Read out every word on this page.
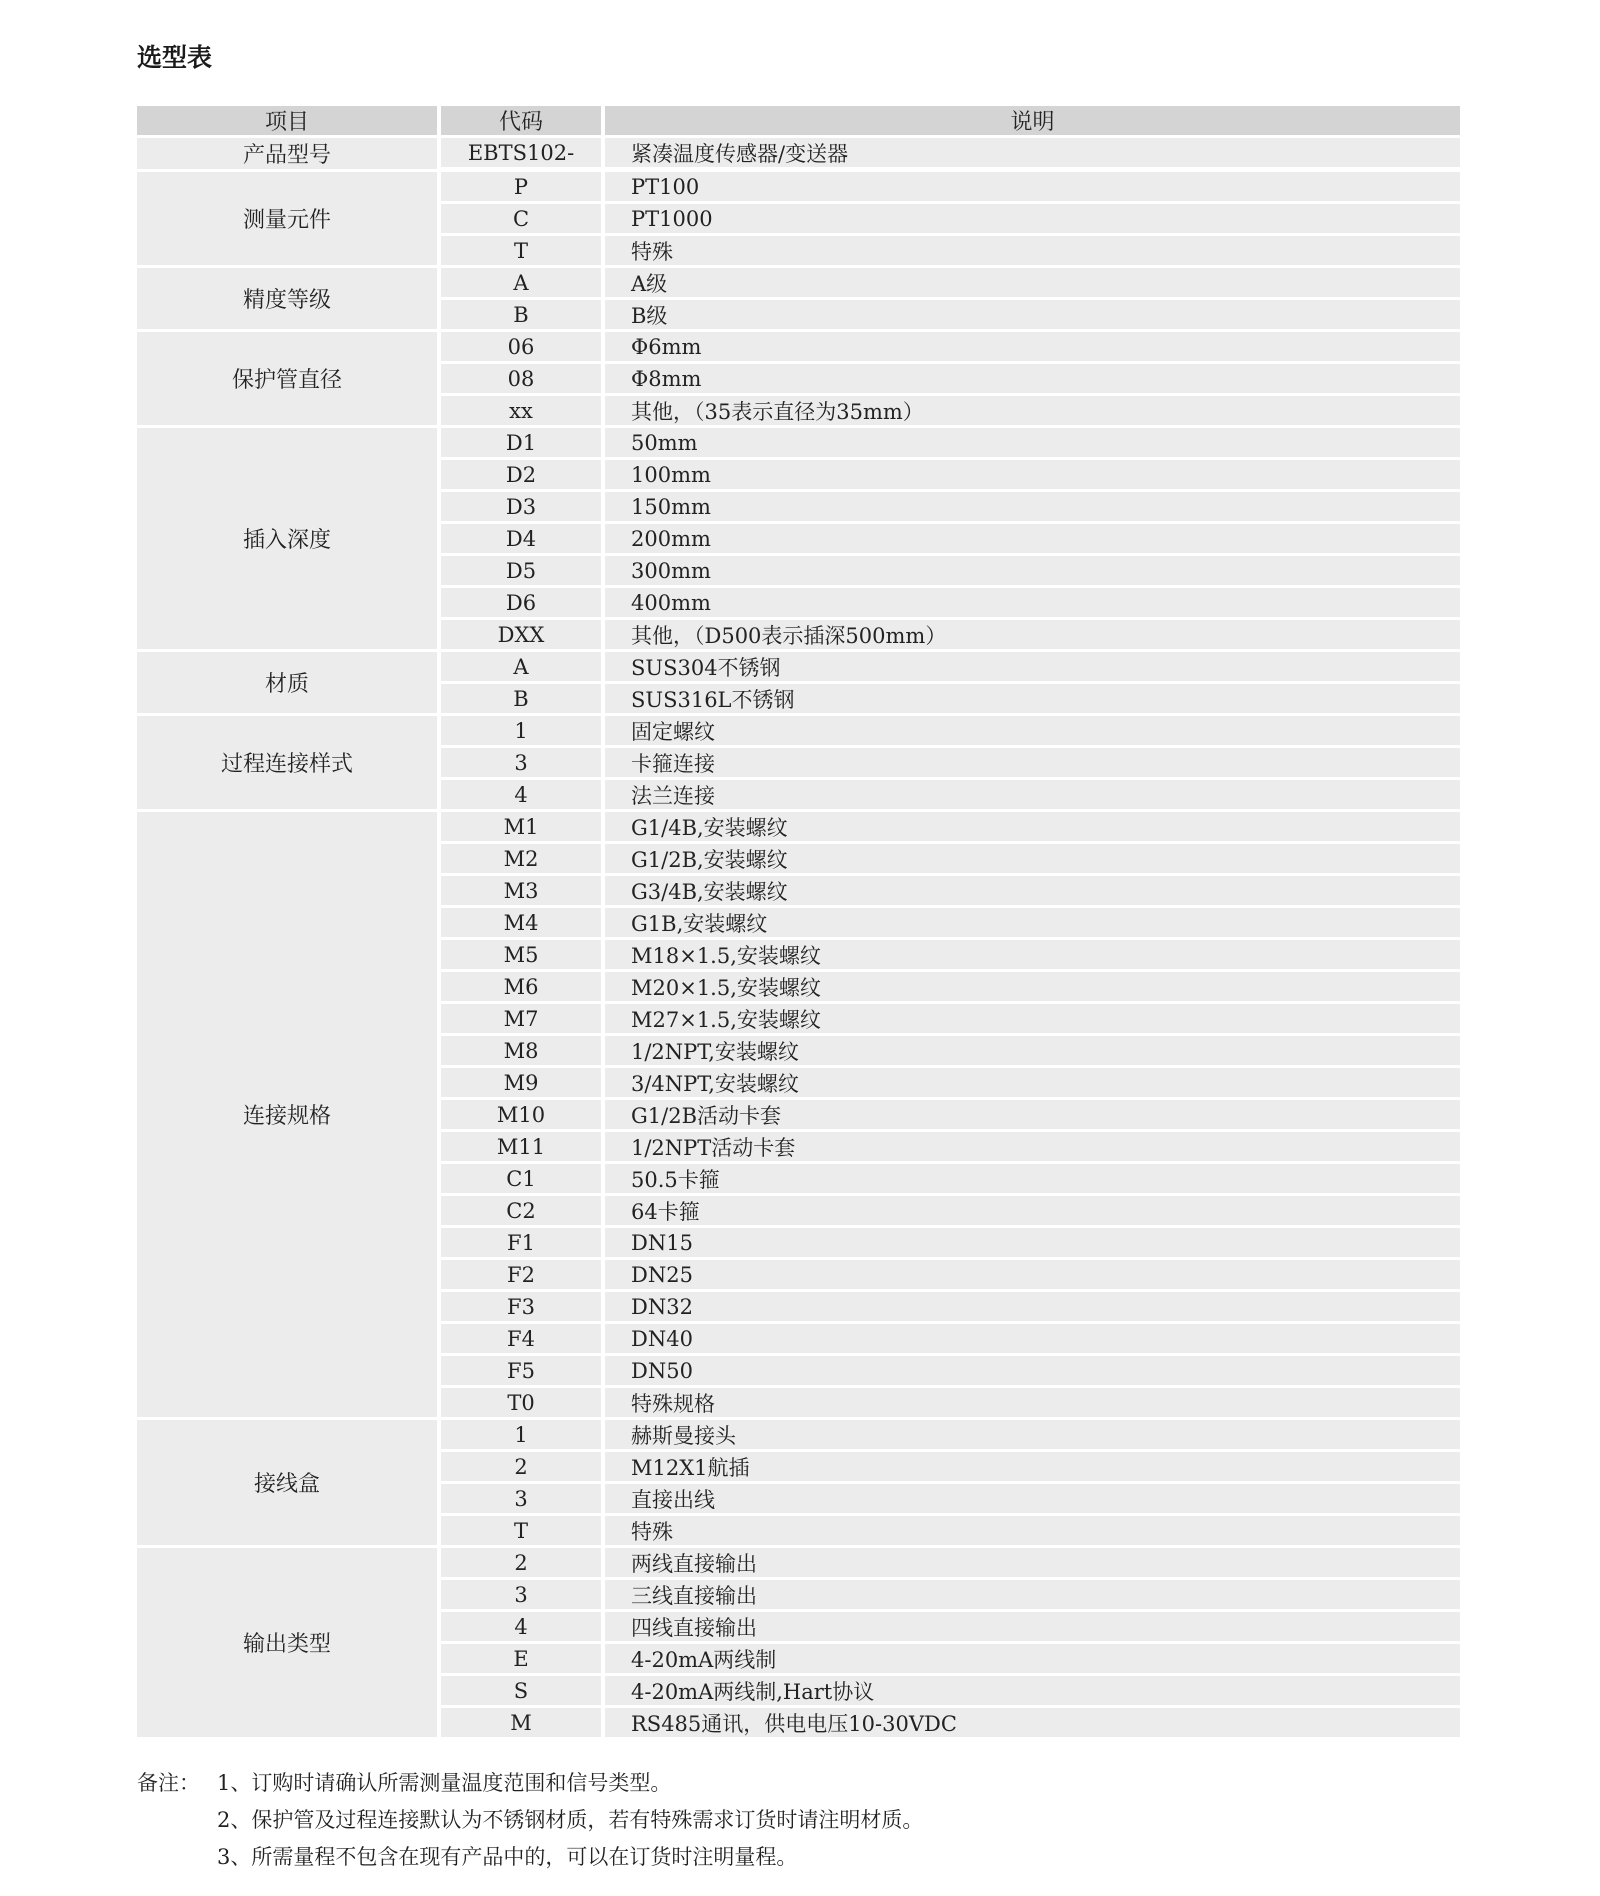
选型表
项目	代码	说明
产品型号	EBTS102-	紧凑温度传感器/变送器
测量元件
P	PT100
C	PT1000
T	特殊
精度等级
A	A级
B	B级
保护管直径
06	Φ6mm
08	Φ8mm
xx	其他，（35表示直径为35mm）
插入深度
D1	50mm
D2	100mm
D3	150mm
D4	200mm
D5	300mm
D6	400mm
DXX	其他，（D500表示插深500mm）
材质
A	SUS304不锈钢
B	SUS316L不锈钢
过程连接样式
1	固定螺纹
3	卡箍连接
4	法兰连接
连接规格
M1	G1/4B,安装螺纹
M2	G1/2B,安装螺纹
M3	G3/4B,安装螺纹
M4	G1B,安装螺纹
M5	M18×1.5,安装螺纹
M6	M20×1.5,安装螺纹
M7	M27×1.5,安装螺纹
M8	1/2NPT,安装螺纹
M9	3/4NPT,安装螺纹
M10	G1/2B活动卡套
M11	1/2NPT活动卡套
C1	50.5卡箍
C2	64卡箍
F1	DN15
F2	DN25
F3	DN32
F4	DN40
F5	DN50
T0	特殊规格
接线盒
1	赫斯曼接头
2	M12X1航插
3	直接出线
T	特殊
输出类型
2	两线直接输出
3	三线直接输出
4	四线直接输出
E	4-20mA两线制
S	4-20mA两线制,Hart协议
M	RS485通讯，供电电压10-30VDC
备注： 1、订购时请确认所需测量温度范围和信号类型。
2、保护管及过程连接默认为不锈钢材质，若有特殊需求订货时请注明材质。
3、所需量程不包含在现有产品中的，可以在订货时注明量程。
